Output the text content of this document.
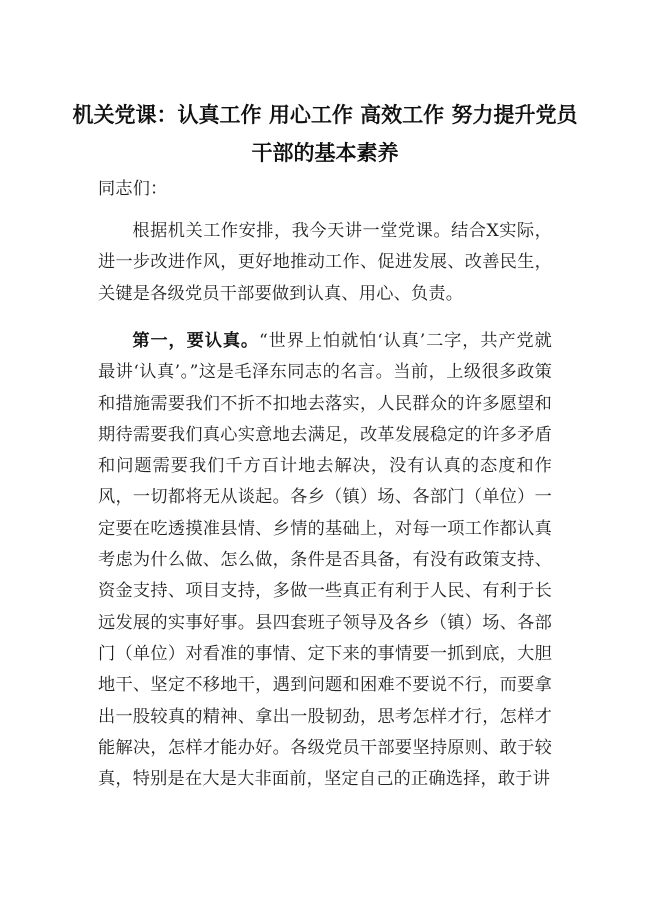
机关党课：认真工作 用心工作 高效工作 努力提升党员干部的基本素养

同志们：

根据机关工作安排，我今天讲一堂党课。结合X实际，进一步改进作风，更好地推动工作、促进发展、改善民生，关键是各级党员干部要做到认真、用心、负责。

第一，要认真。“世界上怕就怕‘认真’二字，共产党就最讲‘认真’。”这是毛泽东同志的名言。当前，上级很多政策和措施需要我们不折不扣地去落实，人民群众的许多愿望和期待需要我们真心实意地去满足，改革发展稳定的许多矛盾和问题需要我们千方百计地去解决，没有认真的态度和作风，一切都将无从谈起。各乡（镇）场、各部门（单位）一定要在吃透摸准县情、乡情的基础上，对每一项工作都认真考虑为什么做、怎么做，条件是否具备，有没有政策支持、资金支持、项目支持，多做一些真正有利于人民、有利于长远发展的实事好事。县四套班子领导及各乡（镇）场、各部门（单位）对看准的事情、定下来的事情要一抓到底，大胆地干、坚定不移地干，遇到问题和困难不要说不行，而要拿出一股较真的精神、拿出一股韧劲，思考怎样才行，怎样才能解决，怎样才能办好。各级党员干部要坚持原则、敢于较真，特别是在大是大非面前，坚定自己的正确选择，敢于讲
